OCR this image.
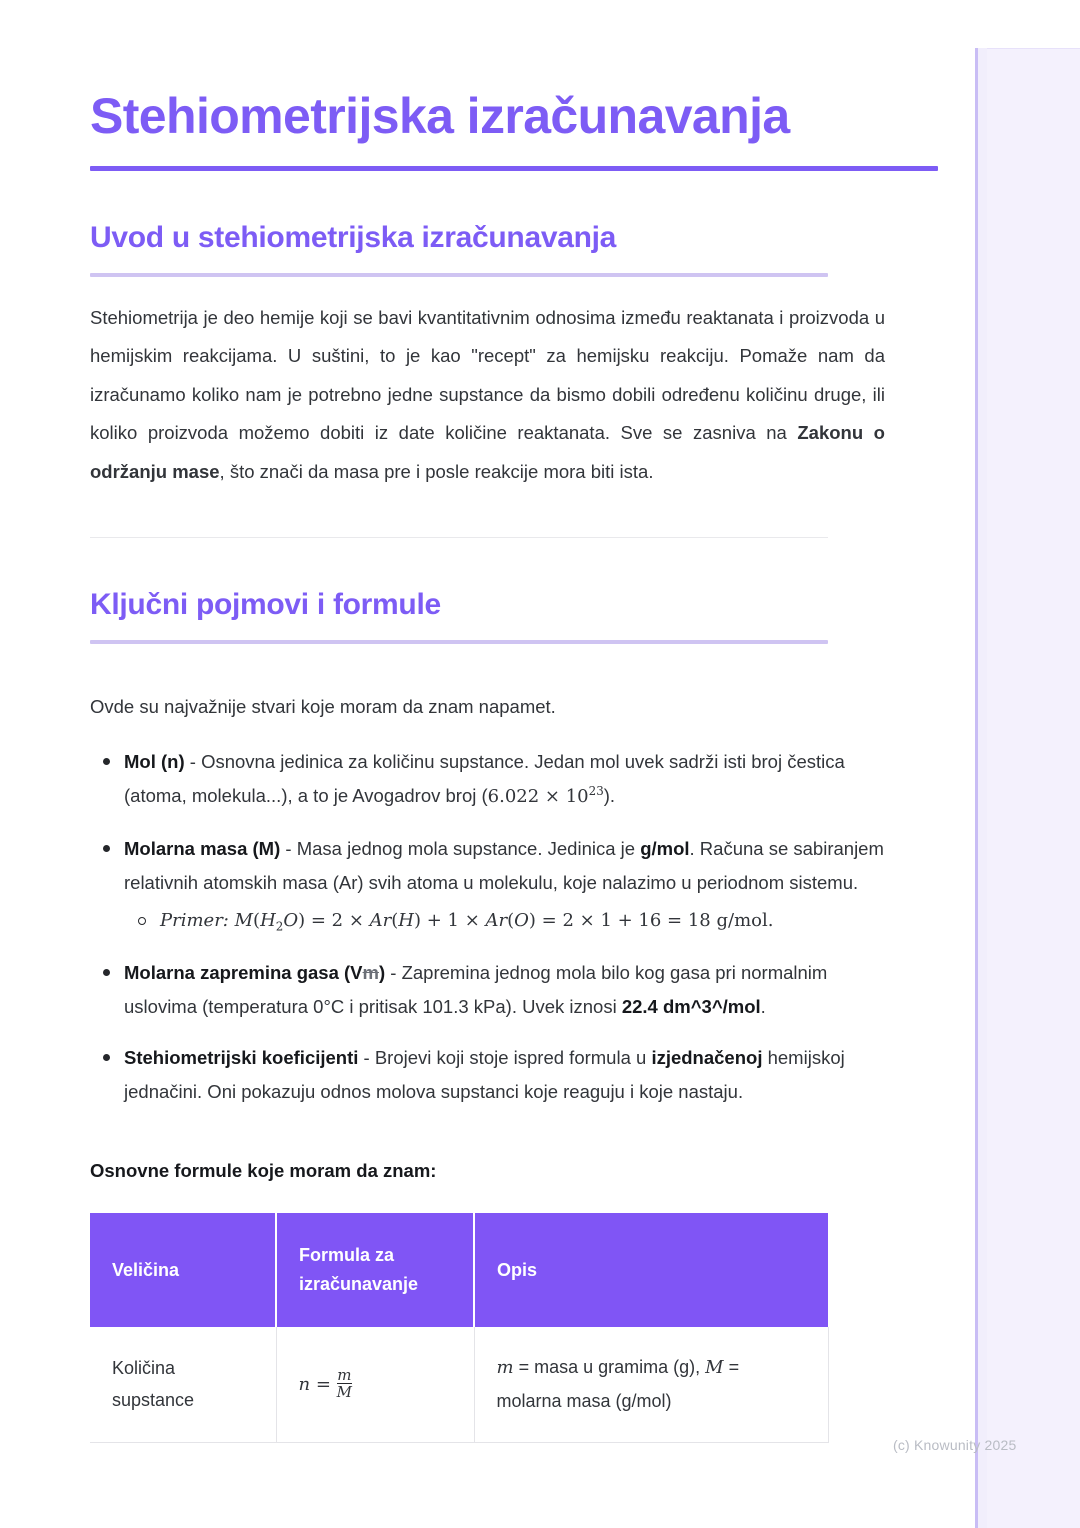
Stehiometrijska izračunavanja
Uvod u stehiometrijska izračunavanja

Stehiometrija je deo hemije koji se bavi kvantitativnim odnosima između reaktanata i proizvoda u hemijskim reakcijama. U suštini, to je kao "recept" za hemijsku reakciju. Pomaže nam da izračunamo koliko nam je potrebno jedne supstance da bismo dobili određenu količinu druge, ili koliko proizvoda možemo dobiti iz date količine reaktanata. Sve se zasniva na Zakonu o održanju mase, što znači da masa pre i posle reakcije mora biti ista.

Ključni pojmovi i formule

Ovde su najvažnije stvari koje moram da znam napamet.

Mol (n) - Osnovna jedinica za količinu supstance. Jedan mol uvek sadrži isti broj čestica (atoma, molekula...), a to je Avogadrov broj $(6.022 \times 10^{23})$.
Molarna masa (M) - Masa jednog mola supstance. Jedinica je g/mol. Računa se sabiranjem relativnih atomskih masa (Ar) svih atoma u molekulu, koje nalazimo u periodnom sistemu.
Primer: $M(H_2O) = 2 \times Ar(H) + 1 \times Ar(O) = 2 \times 1 + 16 = 18$ g/mol.
Molarna zapremina gasa (Vm) - Zapremina jednog mola bilo kog gasa pri normalnim uslovima (temperatura 0°C i pritisak 101.3 kPa). Uvek iznosi 22.4 dm^3^/mol.
Stehiometrijski koeficijenti - Brojevi koji stoje ispred formula u izjednačenoj hemijskoj jednačini. Oni pokazuju odnos molova supstanci koje reaguju i koje nastaju.

Osnovne formule koje moram da znam:

Veličina	Formula za izračunavanje	Opis
Količina
supstance	$n = \frac{m}{M}$	m = masa u gramima (g), M = molarna masa (g/mol)
(c) Knowunity 2025
